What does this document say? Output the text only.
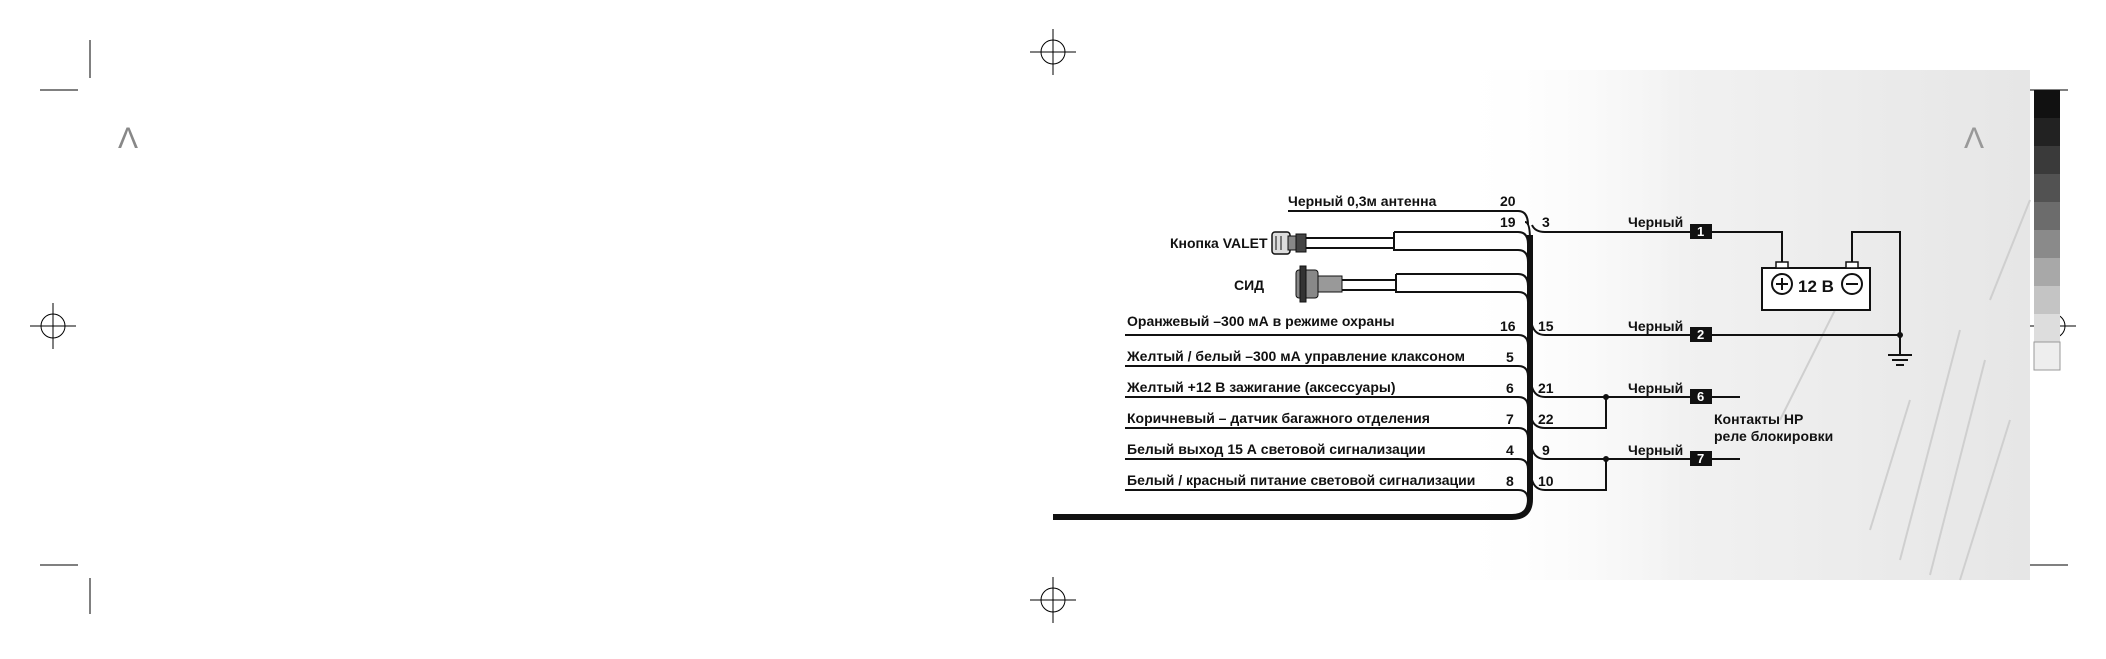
Λ	Λ
12 В
1
2
6
7
Черный
Черный
Черный
Черный
Контакты НР
реле блокировки
Черный 0,3м антенна
Оранжевый –300 мА в режиме охраны
Желтый / белый –300 мА управление клаксоном
Желтый +12 В зажигание (аксессуары)
Коричневый – датчик багажного отделения
Белый выход 15 А световой сигнализации
Белый / красный питание световой сигнализации
20
19
16
5
6
7
4
8
3
15
21
22
9
10
Кнопка VALET
СИД
